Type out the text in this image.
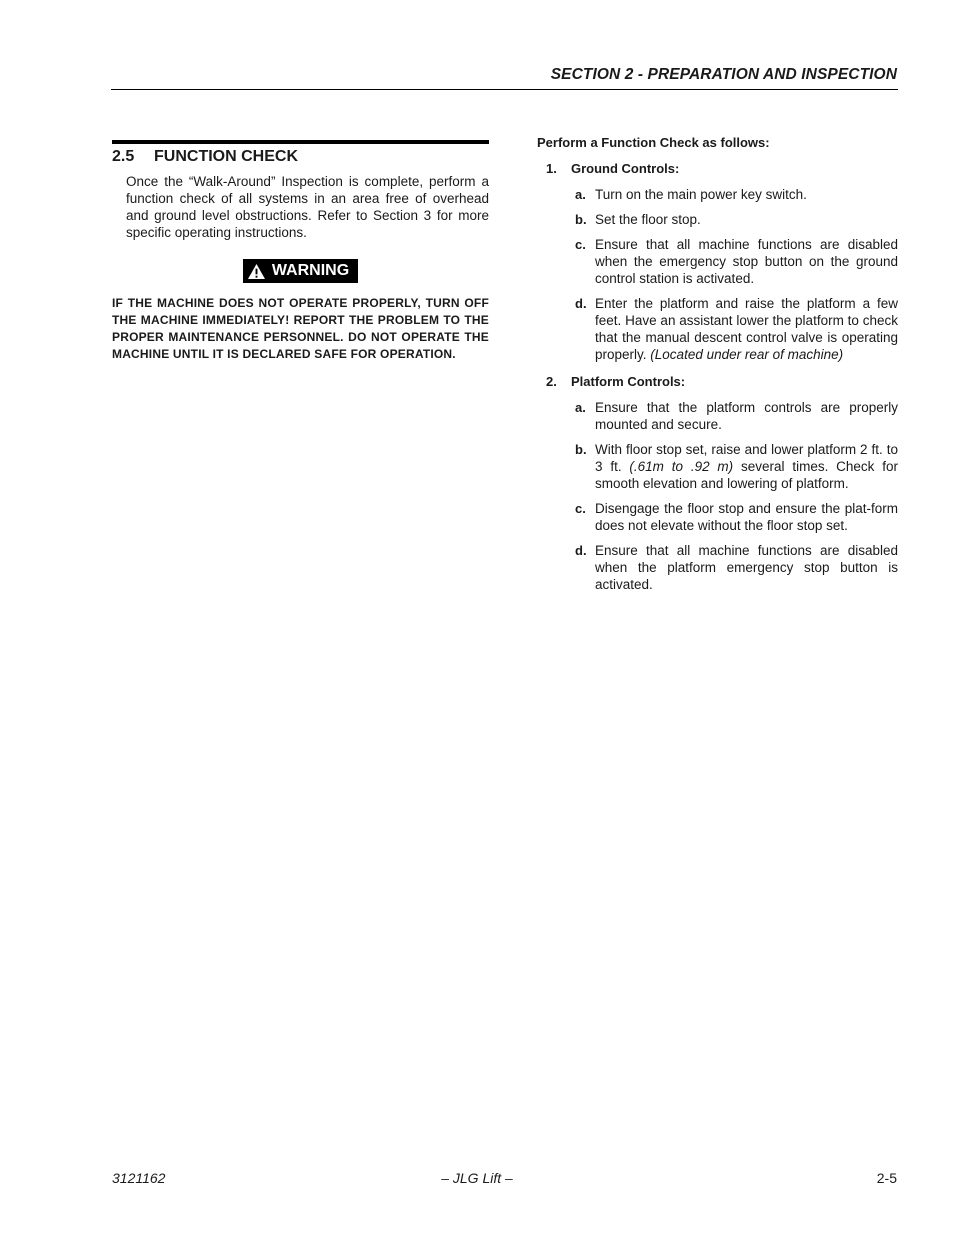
SECTION 2 - PREPARATION AND INSPECTION
2.5 FUNCTION CHECK

Once the “Walk-Around” Inspection is complete, perform a function check of all systems in an area free of overhead and ground level obstructions. Refer to Section 3 for more specific operating instructions.

WARNING
IF THE MACHINE DOES NOT OPERATE PROPERLY, TURN OFF THE MACHINE IMMEDIATELY! REPORT THE PROBLEM TO THE PROPER MAINTENANCE PERSONNEL. DO NOT OPERATE THE MACHINE UNTIL IT IS DECLARED SAFE FOR OPERATION.
Perform a Function Check as follows:
1. Ground Controls:
a. Turn on the main power key switch.
b. Set the floor stop.
c. Ensure that all machine functions are disabled when the emergency stop button on the ground control station is activated.
d. Enter the platform and raise the platform a few feet. Have an assistant lower the platform to check that the manual descent control valve is operating properly. (Located under rear of machine)
2. Platform Controls:
a. Ensure that the platform controls are properly mounted and secure.
b. With floor stop set, raise and lower platform 2 ft. to 3 ft. (.61m to .92 m) several times. Check for smooth elevation and lowering of platform.
c. Disengage the floor stop and ensure the plat-form does not elevate without the floor stop set.
d. Ensure that all machine functions are disabled when the platform emergency stop button is activated.
3121162	– JLG Lift –	2-5
